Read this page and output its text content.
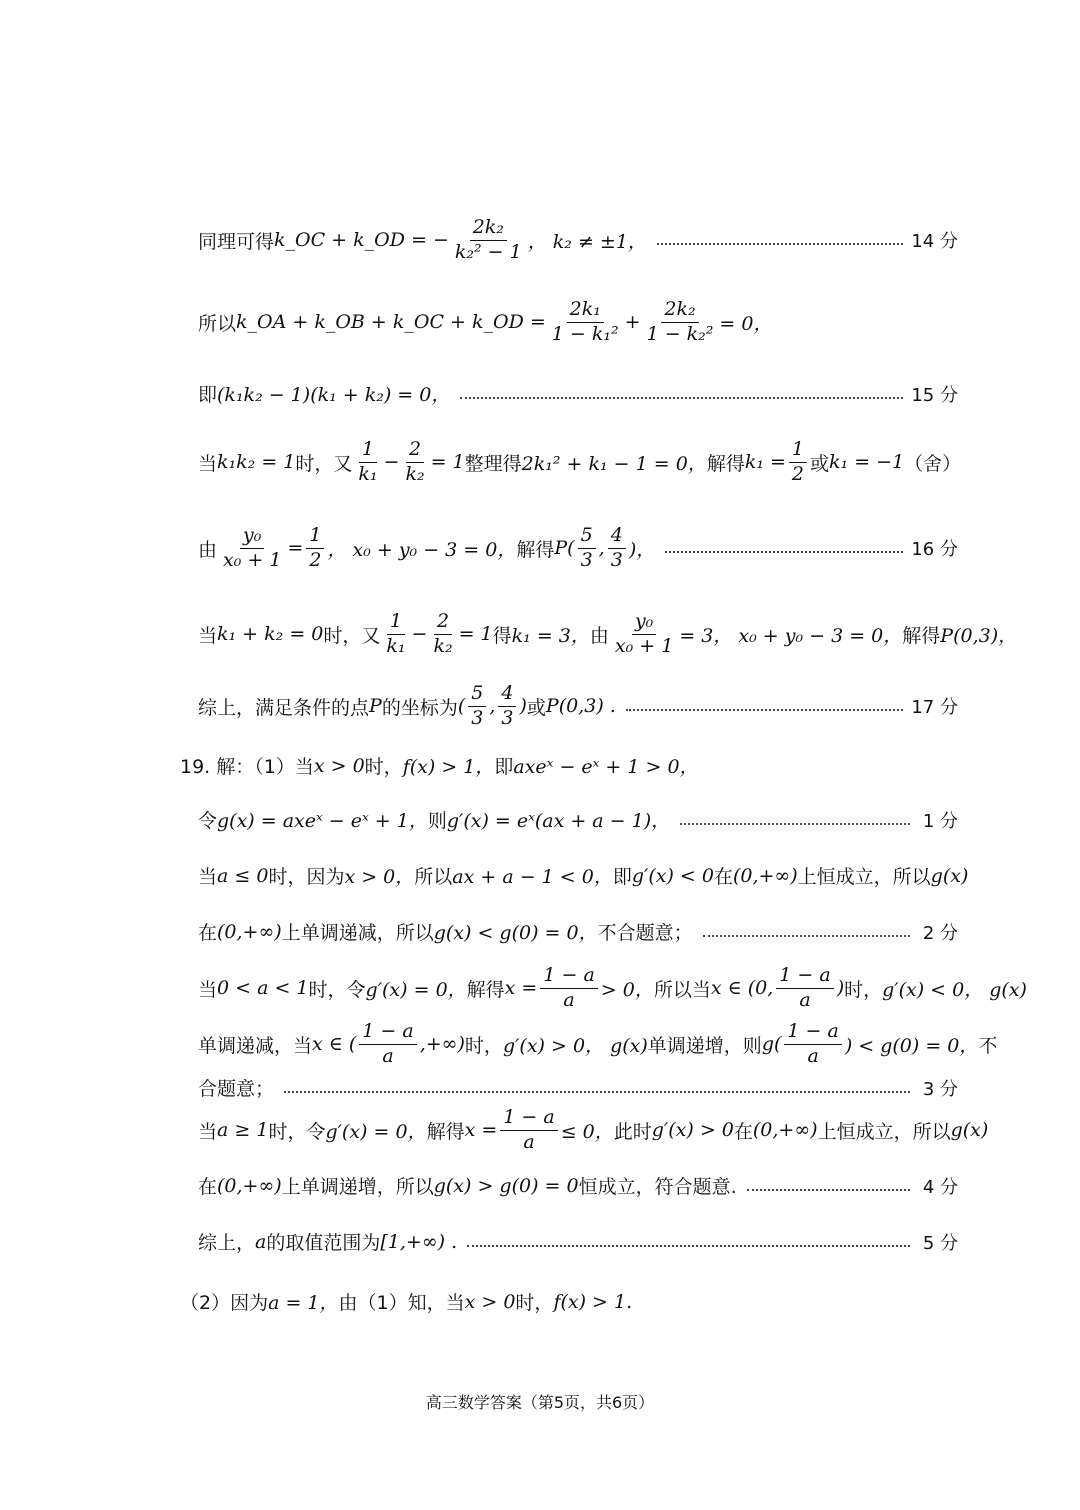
同理可得 k_OC + k_OD = − $\frac{\text{2k₂}}{\text{k₂² − 1}}$ ， k₂ ≠ ±1，	14 分
所以 k_OA + k_OB + k_OC + k_OD = $\frac{\text{2k₁}}{\text{1 − k₁²}} + \frac{\text{2k₂}}{\text{1 − k₂²}} = 0$，
即 (k₁k₂ − 1)(k₁ + k₂) = 0，	15 分
当 k₁k₂ = 1 时，又 $\frac{1}{\text{k₁}} - \frac{2}{\text{k₂}} = 1$ 整理得 2k₁² + k₁ − 1 = 0， 解得 $k_1 = \frac{1}{2}$ 或 k₁ = −1 （舍）
由 $\frac{\text{y₀}}{\text{x₀ + 1}} = \frac{1}{2}$ ， x₀ + y₀ − 3 = 0， 解得 $P( \frac{5}{3}$ , $\frac{4}{3}$ )，	16 分
当 k₁ + k₂ = 0 时，又 $\frac{1}{\text{k₁}} - \frac{2}{\text{k₂}} = 1$ 得 k₁ = 3， 由 $\frac{\text{y₀}}{\text{x₀ + 1}} = 3$， x₀ + y₀ − 3 = 0， 解得 P(0,3)，
综上，满足条件的点 P 的坐标为 ( $\frac{5}{3}$ , $\frac{4}{3}$ ) 或 P(0,3) .	17 分
19. 解：（1）当 x > 0 时， f(x) > 1， 即 axeˣ − eˣ + 1 > 0，
令 g(x) = axeˣ − eˣ + 1， 则 g′(x) = eˣ(ax + a − 1)，	1 分
当 a ≤ 0 时，因为 x > 0， 所以 ax + a − 1 < 0， 即 g′(x) < 0 在 (0,+∞) 上恒成立，所以 g(x)
在 (0,+∞) 上单调递减，所以 g(x) < g(0) = 0， 不合题意；	2 分
当 0 < a < 1 时，令 g′(x) = 0， 解得 $x = \frac{1 - a}{a} > 0$， 所以当 x ∈ (0, $\frac{1 - a}{a}$ ) 时， g′(x) < 0， g(x)
单调递减，当 x ∈ ( $\frac{1 - a}{a}$ ,+∞) 时， g′(x) > 0， g(x) 单调递增，则 $g( \frac{1 - a}{a}$ ) < g(0) = 0， 不
合题意；	3 分
当 a ≥ 1 时，令 g′(x) = 0， 解得 $x = \frac{1 - a}{a} \le 0$， 此时 g′(x) > 0 在 (0,+∞) 上恒成立，所以 g(x)
在 (0,+∞) 上单调递增，所以 g(x) > g(0) = 0 恒成立，符合题意.	4 分
综上， a 的取值范围为 [1,+∞) .	5 分
（2）因为 a = 1， 由（1）知，当 x > 0 时， f(x) > 1.
高三数学答案（第5页，共6页）
